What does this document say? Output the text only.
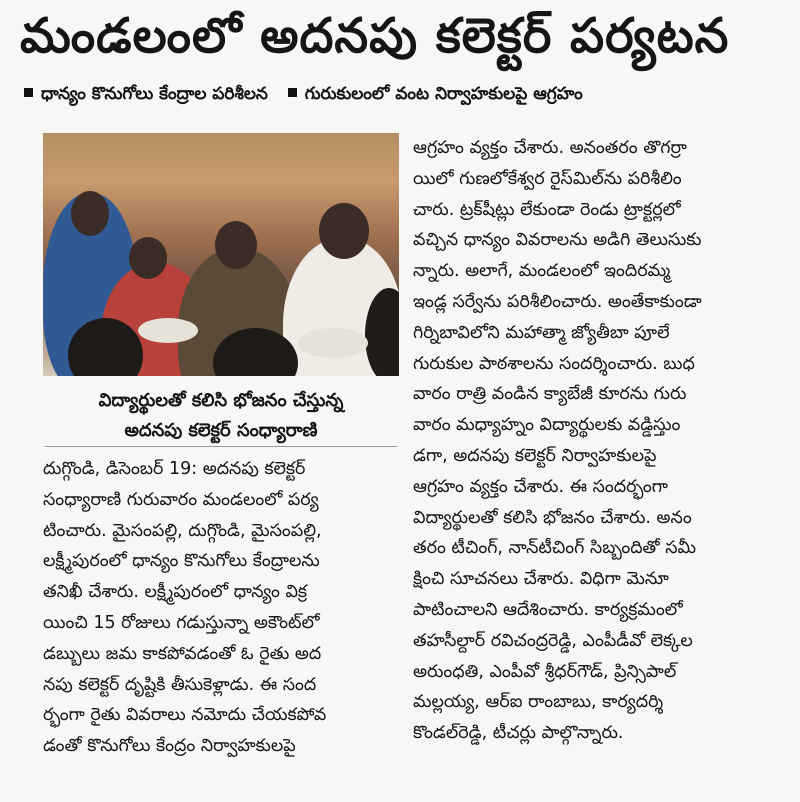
మండలంలో అదనపు కలెక్టర్ పర్యటన
ధాన్యం కొనుగోలు కేంద్రాల పరిశీలన గురుకులంలో వంట నిర్వాహకులపై ఆగ్రహం
విద్యార్థులతో కలిసి భోజనం చేస్తున్న
అదనపు కలెక్టర్ సంధ్యారాణి
దుగ్గొండి, డిసెంబర్ 19: అదనపు కలెక్టర్
సంధ్యారాణి గురువారం మండలంలో పర్య
టించారు. మైసంపల్లి, దుగ్గొండి, మైసంపల్లి,
లక్ష్మీపురంలో ధాన్యం కొనుగోలు కేంద్రాలను
తనిఖీ చేశారు. లక్ష్మీపురంలో ధాన్యం విక్ర
యించి 15 రోజులు గడుస్తున్నా అకౌంట్‌లో
డబ్బులు జమ కాకపోవడంతో ఓ రైతు అద
నపు కలెక్టర్ దృష్టికి తీసుకెళ్లాడు. ఈ సంద
ర్భంగా రైతు వివరాలు నమోదు చేయకపోవ
డంతో కొనుగోలు కేంద్రం నిర్వాహకులపై
ఆగ్రహం వ్యక్తం చేశారు. అనంతరం తొగర్రా
యిలో గుణలోకేశ్వర రైస్‌మిల్‌ను పరిశీలిం
చారు. ట్రక్‌షీట్లు లేకుండా రెండు ట్రాక్టర్లలో
వచ్చిన ధాన్యం వివరాలను అడిగి తెలుసుకు
న్నారు. అలాగే, మండలంలో ఇందిరమ్మ
ఇండ్ల సర్వేను పరిశీలించారు. అంతేకాకుండా
గిర్నిబావిలోని మహాత్మా జ్యోతీబా పూలే
గురుకుల పాఠశాలను సందర్శించారు. బుధ
వారం రాత్రి వండిన క్యాబేజీ కూరను గురు
వారం మధ్యాహ్నం విద్యార్థులకు వడ్డిస్తుం
డగా, అదనపు కలెక్టర్ నిర్వాహకులపై
ఆగ్రహం వ్యక్తం చేశారు. ఈ సందర్భంగా
విద్యార్థులతో కలిసి భోజనం చేశారు. అనం
తరం టీచింగ్, నాన్‌టీచింగ్ సిబ్బందితో సమీ
క్షించి సూచనలు చేశారు. విధిగా మెనూ
పాటించాలని ఆదేశించారు. కార్యక్రమంలో
తహసీల్దార్ రవిచంద్రరెడ్డి, ఎంపీడీవో లెక్కల
అరుంధతి, ఎంపీవో శ్రీధర్‌గౌడ్, ప్రిన్సిపాల్
మల్లయ్య, ఆర్ఐ రాంబాబు, కార్యదర్శి
కొండల్‌రెడ్డి, టీచర్లు పాల్గొన్నారు.
